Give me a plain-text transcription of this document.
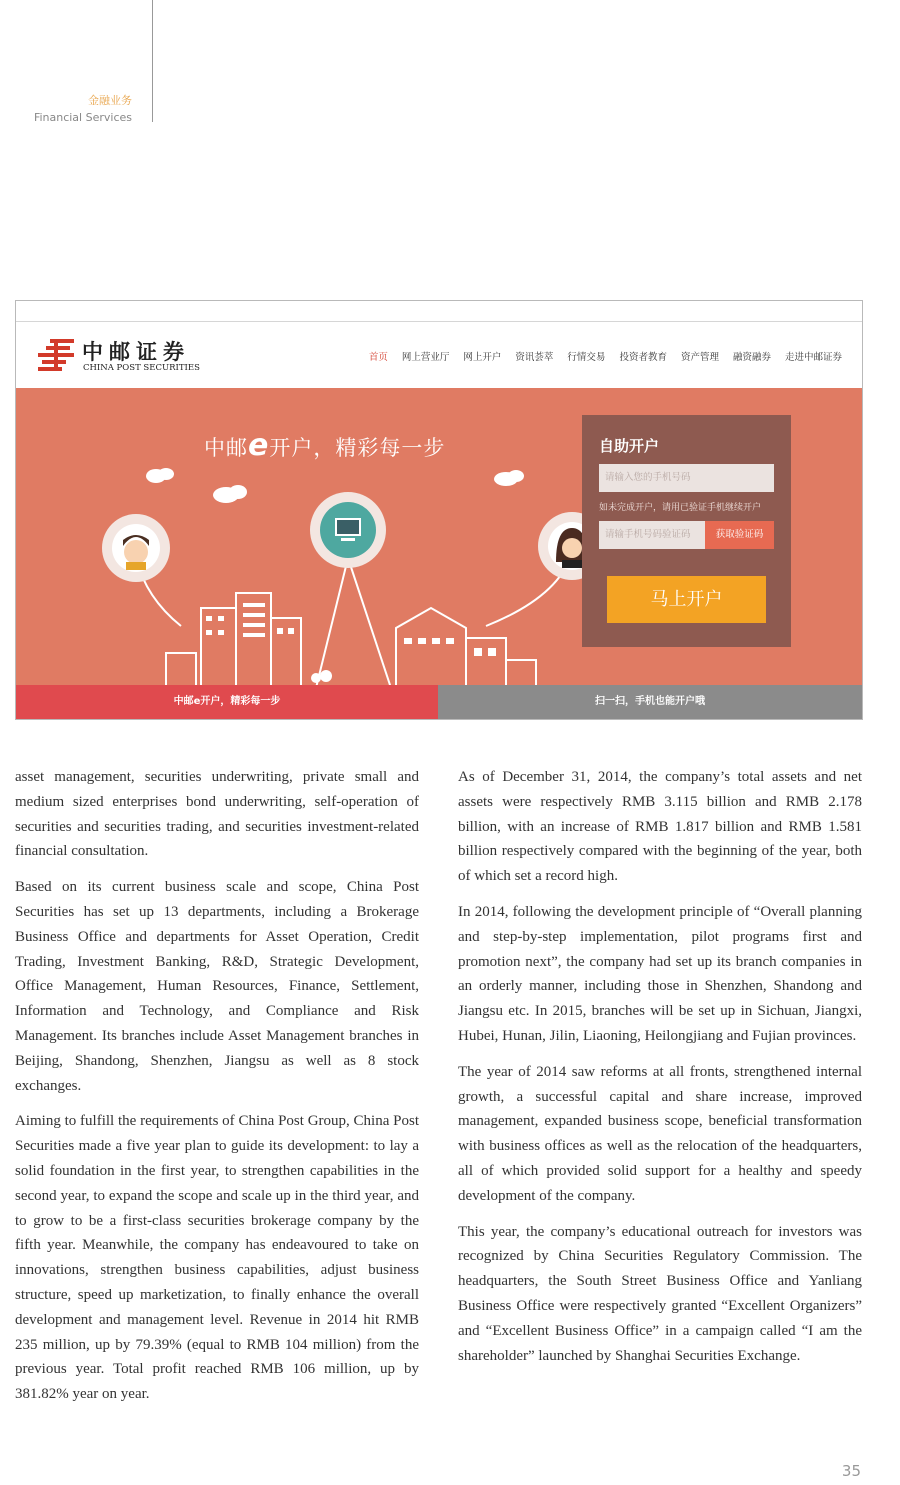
金融业务
Financial Services
中邮证券
CHINA POST SECURITIES
首页 网上营业厅 网上开户 资讯荟萃 行情交易 投资者教育 资产管理 融资融券 走进中邮证券
中邮e开户，精彩每一步	自助开户
请输入您的手机号码
如未完成开户，请用已验证手机继续开户
请输手机号码验证码	获取验证码
马上开户
中邮e开户，精彩每一步	扫一扫，手机也能开户哦

asset management, securities underwriting, private small and medium sized enterprises bond underwriting, self-operation of securities and securities trading, and securities investment-related financial consultation.

Based on its current business scale and scope, China Post Securities has set up 13 departments, including a Brokerage Business Office and departments for Asset Operation, Credit Trading, Investment Banking, R&D, Strategic Development, Office Management, Human Resources, Finance, Settlement, Information and Technology, and Compliance and Risk Management. Its branches include Asset Management branches in Beijing, Shandong, Shenzhen, Jiangsu as well as 8 stock exchanges.

Aiming to fulfill the requirements of China Post Group, China Post Securities made a five year plan to guide its development: to lay a solid foundation in the first year, to strengthen capabilities in the second year, to expand the scope and scale up in the third year, and to grow to be a first-class securities brokerage company by the fifth year. Meanwhile, the company has endeavoured to take on innovations, strengthen business capabilities, adjust business structure, speed up marketization, to finally enhance the overall development and management level. Revenue in 2014 hit RMB 235 million, up by 79.39% (equal to RMB 104 million) from the previous year. Total profit reached RMB 106 million, up by 381.82% year on year.

As of December 31, 2014, the company’s total assets and net assets were respectively RMB 3.115 billion and RMB 2.178 billion, with an increase of RMB 1.817 billion and RMB 1.581 billion respectively compared with the beginning of the year, both of which set a record high.

In 2014, following the development principle of “Overall planning and step-by-step implementation, pilot programs first and promotion next”, the company had set up its branch companies in an orderly manner, including those in Shenzhen, Shandong and Jiangsu etc. In 2015, branches will be set up in Sichuan, Jiangxi, Hubei, Hunan, Jilin, Liaoning, Heilongjiang and Fujian provinces.

The year of 2014 saw reforms at all fronts, strengthened internal growth, a successful capital and share increase, improved management, expanded business scope, beneficial transformation with business offices as well as the relocation of the headquarters, all of which provided solid support for a healthy and speedy development of the company.

This year, the company’s educational outreach for investors was recognized by China Securities Regulatory Commission. The headquarters, the South Street Business Office and Yanliang Business Office were respectively granted “Excellent Organizers” and “Excellent Business Office” in a campaign called “I am the shareholder” launched by Shanghai Securities Exchange.

35
